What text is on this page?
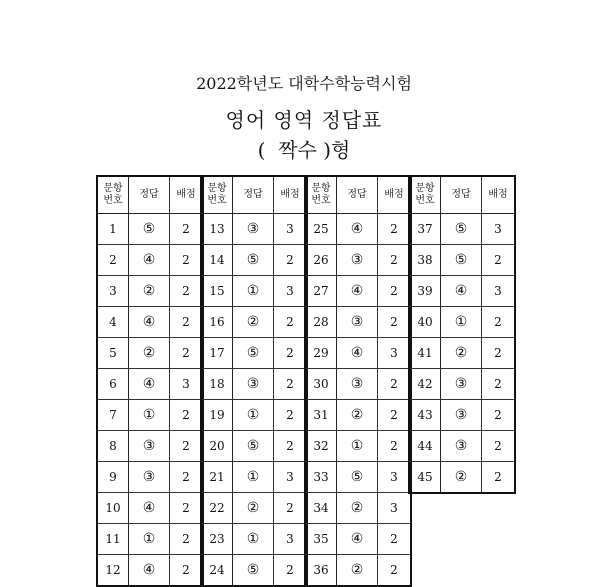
2022학년도 대학수학능력시험
영어 영역 정답표
( 짝수 )형
문항
번호	정답	배점
1	⑤	2
2	④	2
3	②	2
4	④	2
5	②	2
6	④	3
7	①	2
8	③	2
9	③	2
10	④	2
11	①	2
12	④	2
문항
번호	정답	배점
13	③	3
14	⑤	2
15	①	3
16	②	2
17	⑤	2
18	③	2
19	①	2
20	⑤	2
21	①	3
22	②	2
23	①	3
24	⑤	2
문항
번호	정답	배점
25	④	2
26	③	2
27	④	2
28	③	2
29	④	3
30	③	2
31	②	2
32	①	2
33	⑤	3
34	②	3
35	④	2
36	②	2
문항
번호	정답	배점
37	⑤	3
38	⑤	2
39	④	3
40	①	2
41	②	2
42	③	2
43	③	2
44	③	2
45	②	2
